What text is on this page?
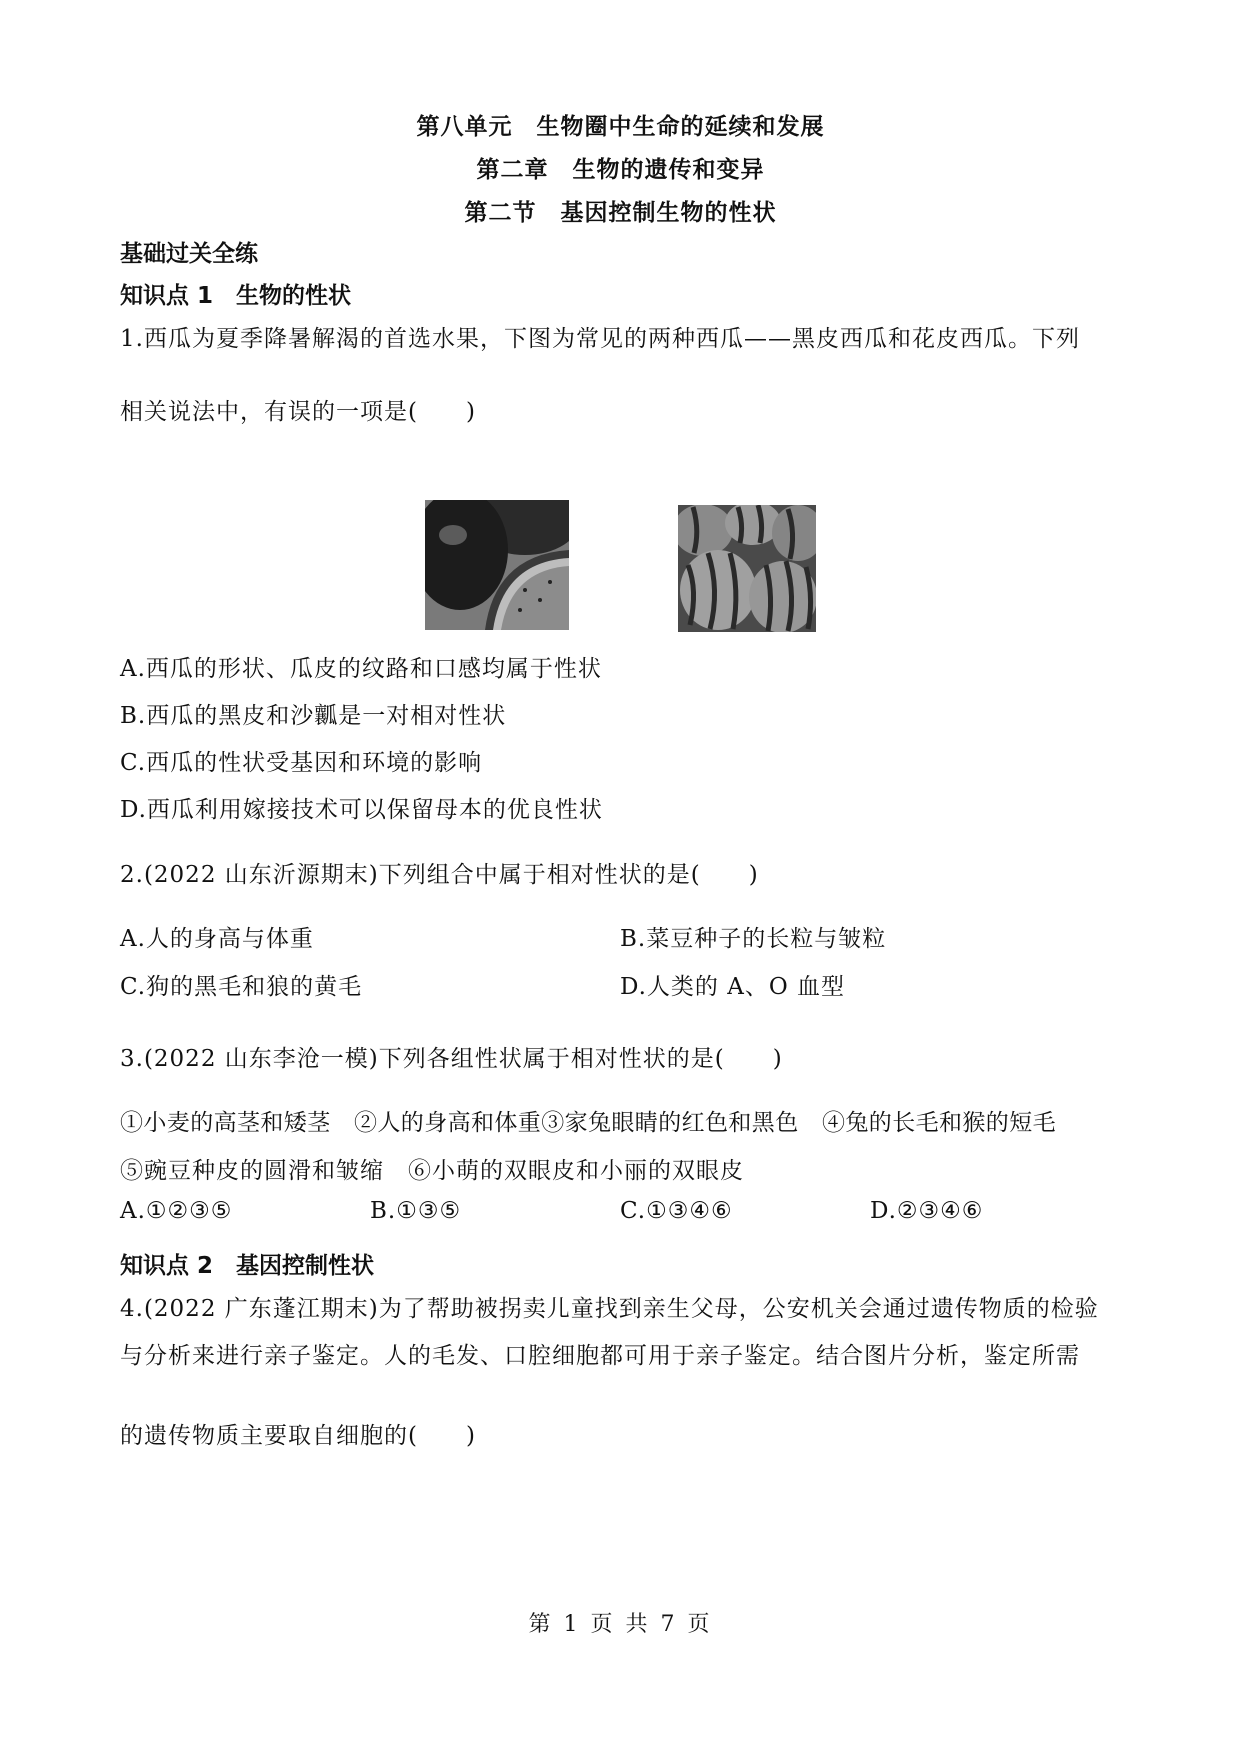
第八单元　生物圈中生命的延续和发展
第二章　生物的遗传和变异
第二节　基因控制生物的性状
基础过关全练
知识点 1　生物的性状
1.西瓜为夏季降暑解渴的首选水果，下图为常见的两种西瓜——黑皮西瓜和花皮西瓜。下列
相关说法中，有误的一项是(　　)
A.西瓜的形状、瓜皮的纹路和口感均属于性状
B.西瓜的黑皮和沙瓤是一对相对性状
C.西瓜的性状受基因和环境的影响
D.西瓜利用嫁接技术可以保留母本的优良性状
2.(2022 山东沂源期末)下列组合中属于相对性状的是(　　)
A.人的身高与体重	B.菜豆种子的长粒与皱粒
C.狗的黑毛和狼的黄毛	D.人类的 A、O 血型
3.(2022 山东李沧一模)下列各组性状属于相对性状的是(　　)
①小麦的高茎和矮茎　②人的身高和体重③家兔眼睛的红色和黑色　④兔的长毛和猴的短毛
⑤豌豆种皮的圆滑和皱缩　⑥小萌的双眼皮和小丽的双眼皮
A.①②③⑤	B.①③⑤	C.①③④⑥	D.②③④⑥
知识点 2　基因控制性状
4.(2022 广东蓬江期末)为了帮助被拐卖儿童找到亲生父母，公安机关会通过遗传物质的检验
与分析来进行亲子鉴定。人的毛发、口腔细胞都可用于亲子鉴定。结合图片分析，鉴定所需
的遗传物质主要取自细胞的(　　)
第 1 页 共 7 页
